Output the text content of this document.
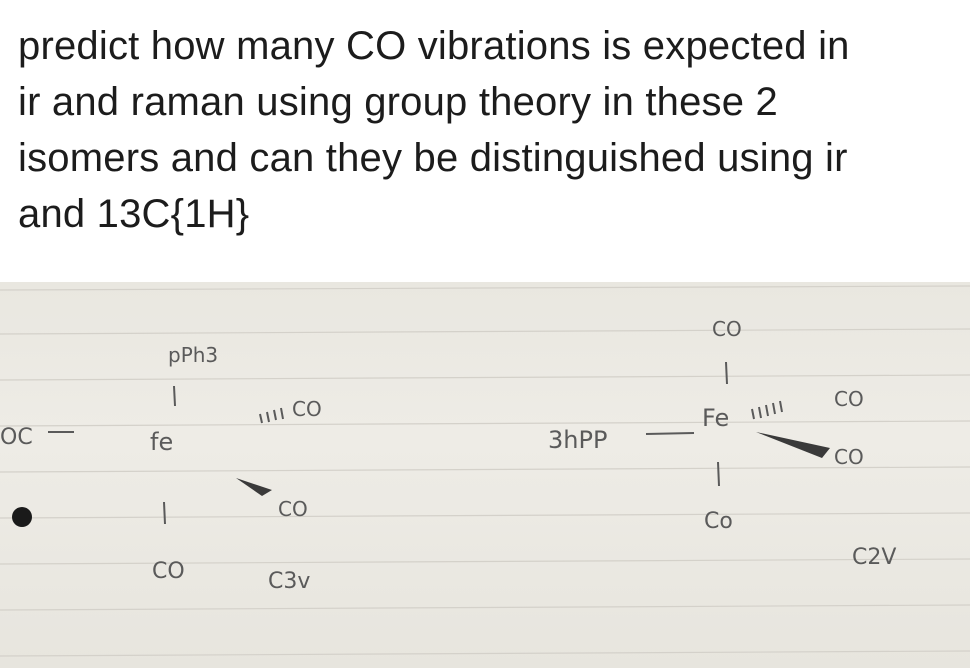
predict how many CO vibrations is expected in
ir and raman using group theory in these 2
isomers and can they be distinguished using ir
and 13C{1H}
pPh3
OC	fe
CO
CO
CO	C3v
CO
3hPP
Fe
CO
CO
Co
C2V
